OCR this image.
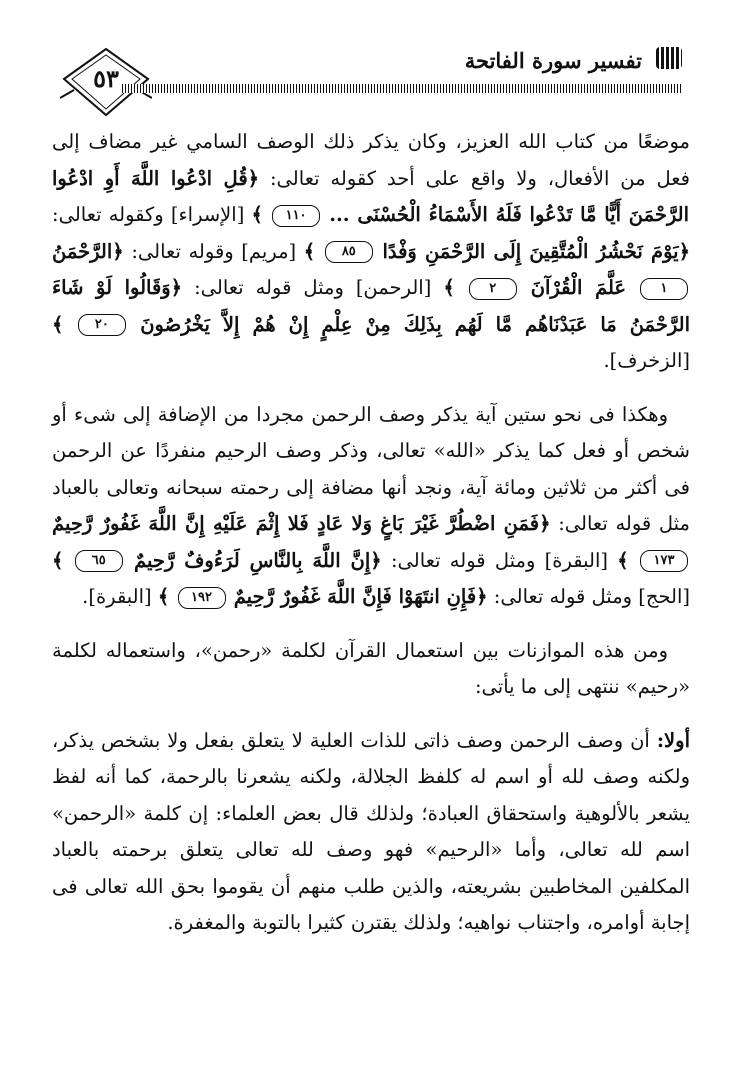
٥٣
تفسير سورة الفاتحة

موضعًا من كتاب الله العزيز، وكان يذكر ذلك الوصف السامي غير مضاف إلى فعل من الأفعال، ولا واقع على أحد كقوله تعالى: ﴿قُلِ ادْعُوا اللَّهَ أَوِ ادْعُوا الرَّحْمَنَ أَيًّا مَّا تَدْعُوا فَلَهُ الأَسْمَاءُ الْحُسْنَى ... ١١٠ ﴾ [الإسراء] وكقوله تعالى: ﴿يَوْمَ نَحْشُرُ الْمُتَّقِينَ إِلَى الرَّحْمَنِ وَفْدًا ٨٥ ﴾ [مريم] وقوله تعالى: ﴿الرَّحْمَنُ ١ عَلَّمَ الْقُرْآنَ ٢ ﴾ [الرحمن] ومثل قوله تعالى: ﴿وَقَالُوا لَوْ شَاءَ الرَّحْمَنُ مَا عَبَدْنَاهُم مَّا لَهُم بِذَلِكَ مِنْ عِلْمٍ إِنْ هُمْ إِلاَّ يَخْرُصُونَ ٢٠ ﴾ [الزخرف].

وهكذا فى نحو ستين آية يذكر وصف الرحمن مجردا من الإضافة إلى شىء أو شخص أو فعل كما يذكر «الله» تعالى، وذكر وصف الرحيم منفردًا عن الرحمن فى أكثر من ثلاثين ومائة آية، ونجد أنها مضافة إلى رحمته سبحانه وتعالى بالعباد مثل قوله تعالى: ﴿فَمَنِ اضْطُرَّ غَيْرَ بَاغٍ وَلا عَادٍ فَلا إِثْمَ عَلَيْهِ إِنَّ اللَّهَ غَفُورٌ رَّحِيمٌ ١٧٣ ﴾ [البقرة] ومثل قوله تعالى: ﴿إِنَّ اللَّهَ بِالنَّاسِ لَرَءُوفٌ رَّحِيمٌ ٦٥ ﴾ [الحج] ومثل قوله تعالى: ﴿فَإِنِ انتَهَوْا فَإِنَّ اللَّهَ غَفُورٌ رَّحِيمٌ ١٩٢ ﴾ [البقرة].

ومن هذه الموازنات بين استعمال القرآن لكلمة «رحمن»، واستعماله لكلمة «رحيم» ننتهى إلى ما يأتى:

أولا: أن وصف الرحمن وصف ذاتى للذات العلية لا يتعلق بفعل ولا بشخص يذكر، ولكنه وصف لله أو اسم له كلفظ الجلالة، ولكنه يشعرنا بالرحمة، كما أنه لفظ يشعر بالألوهية واستحقاق العبادة؛ ولذلك قال بعض العلماء: إن كلمة «الرحمن» اسم لله تعالى، وأما «الرحيم» فهو وصف لله تعالى يتعلق برحمته بالعباد المكلفين المخاطبين بشريعته، والذين طلب منهم أن يقوموا بحق الله تعالى فى إجابة أوامره، واجتناب نواهيه؛ ولذلك يقترن كثيرا بالتوبة والمغفرة.
